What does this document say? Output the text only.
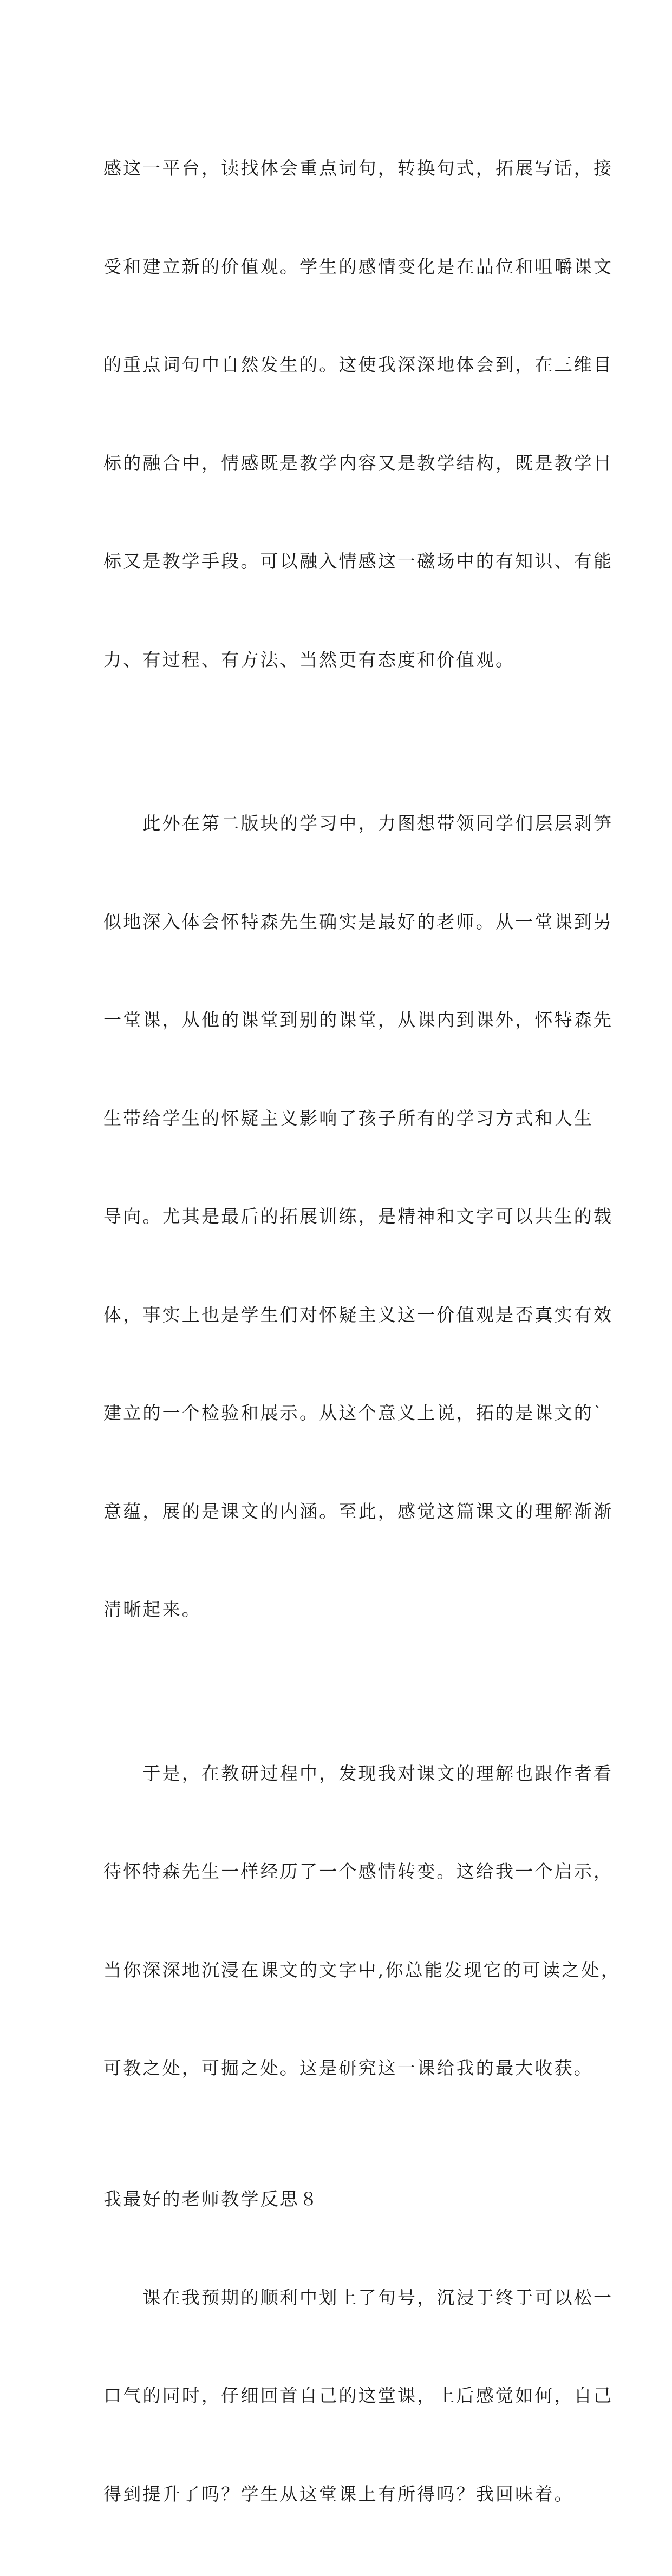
感这一平台，读找体会重点词句，转换句式，拓展写话，接

受和建立新的价值观。学生的感情变化是在品位和咀嚼课文

的重点词句中自然发生的。这使我深深地体会到，在三维目

标的融合中，情感既是教学内容又是教学结构，既是教学目

标又是教学手段。可以融入情感这一磁场中的有知识、有能

力、有过程、有方法、当然更有态度和价值观。

　　此外在第二版块的学习中，力图想带领同学们层层剥笋

似地深入体会怀特森先生确实是最好的老师。从一堂课到另

一堂课，从他的课堂到别的课堂，从课内到课外，怀特森先

生带给学生的怀疑主义影响了孩子所有的学习方式和人生

导向。尤其是最后的拓展训练，是精神和文字可以共生的载

体，事实上也是学生们对怀疑主义这一价值观是否真实有效

建立的一个检验和展示。从这个意义上说，拓的是课文的`

意蕴，展的是课文的内涵。至此，感觉这篇课文的理解渐渐

清晰起来。

　　于是，在教研过程中，发现我对课文的理解也跟作者看

待怀特森先生一样经历了一个感情转变。这给我一个启示，

当你深深地沉浸在课文的文字中,你总能发现它的可读之处，

可教之处，可掘之处。这是研究这一课给我的最大收获。

我最好的老师教学反思８

　　课在我预期的顺利中划上了句号，沉浸于终于可以松一

口气的同时，仔细回首自己的这堂课，上后感觉如何，自己

得到提升了吗？学生从这堂课上有所得吗？我回味着。
